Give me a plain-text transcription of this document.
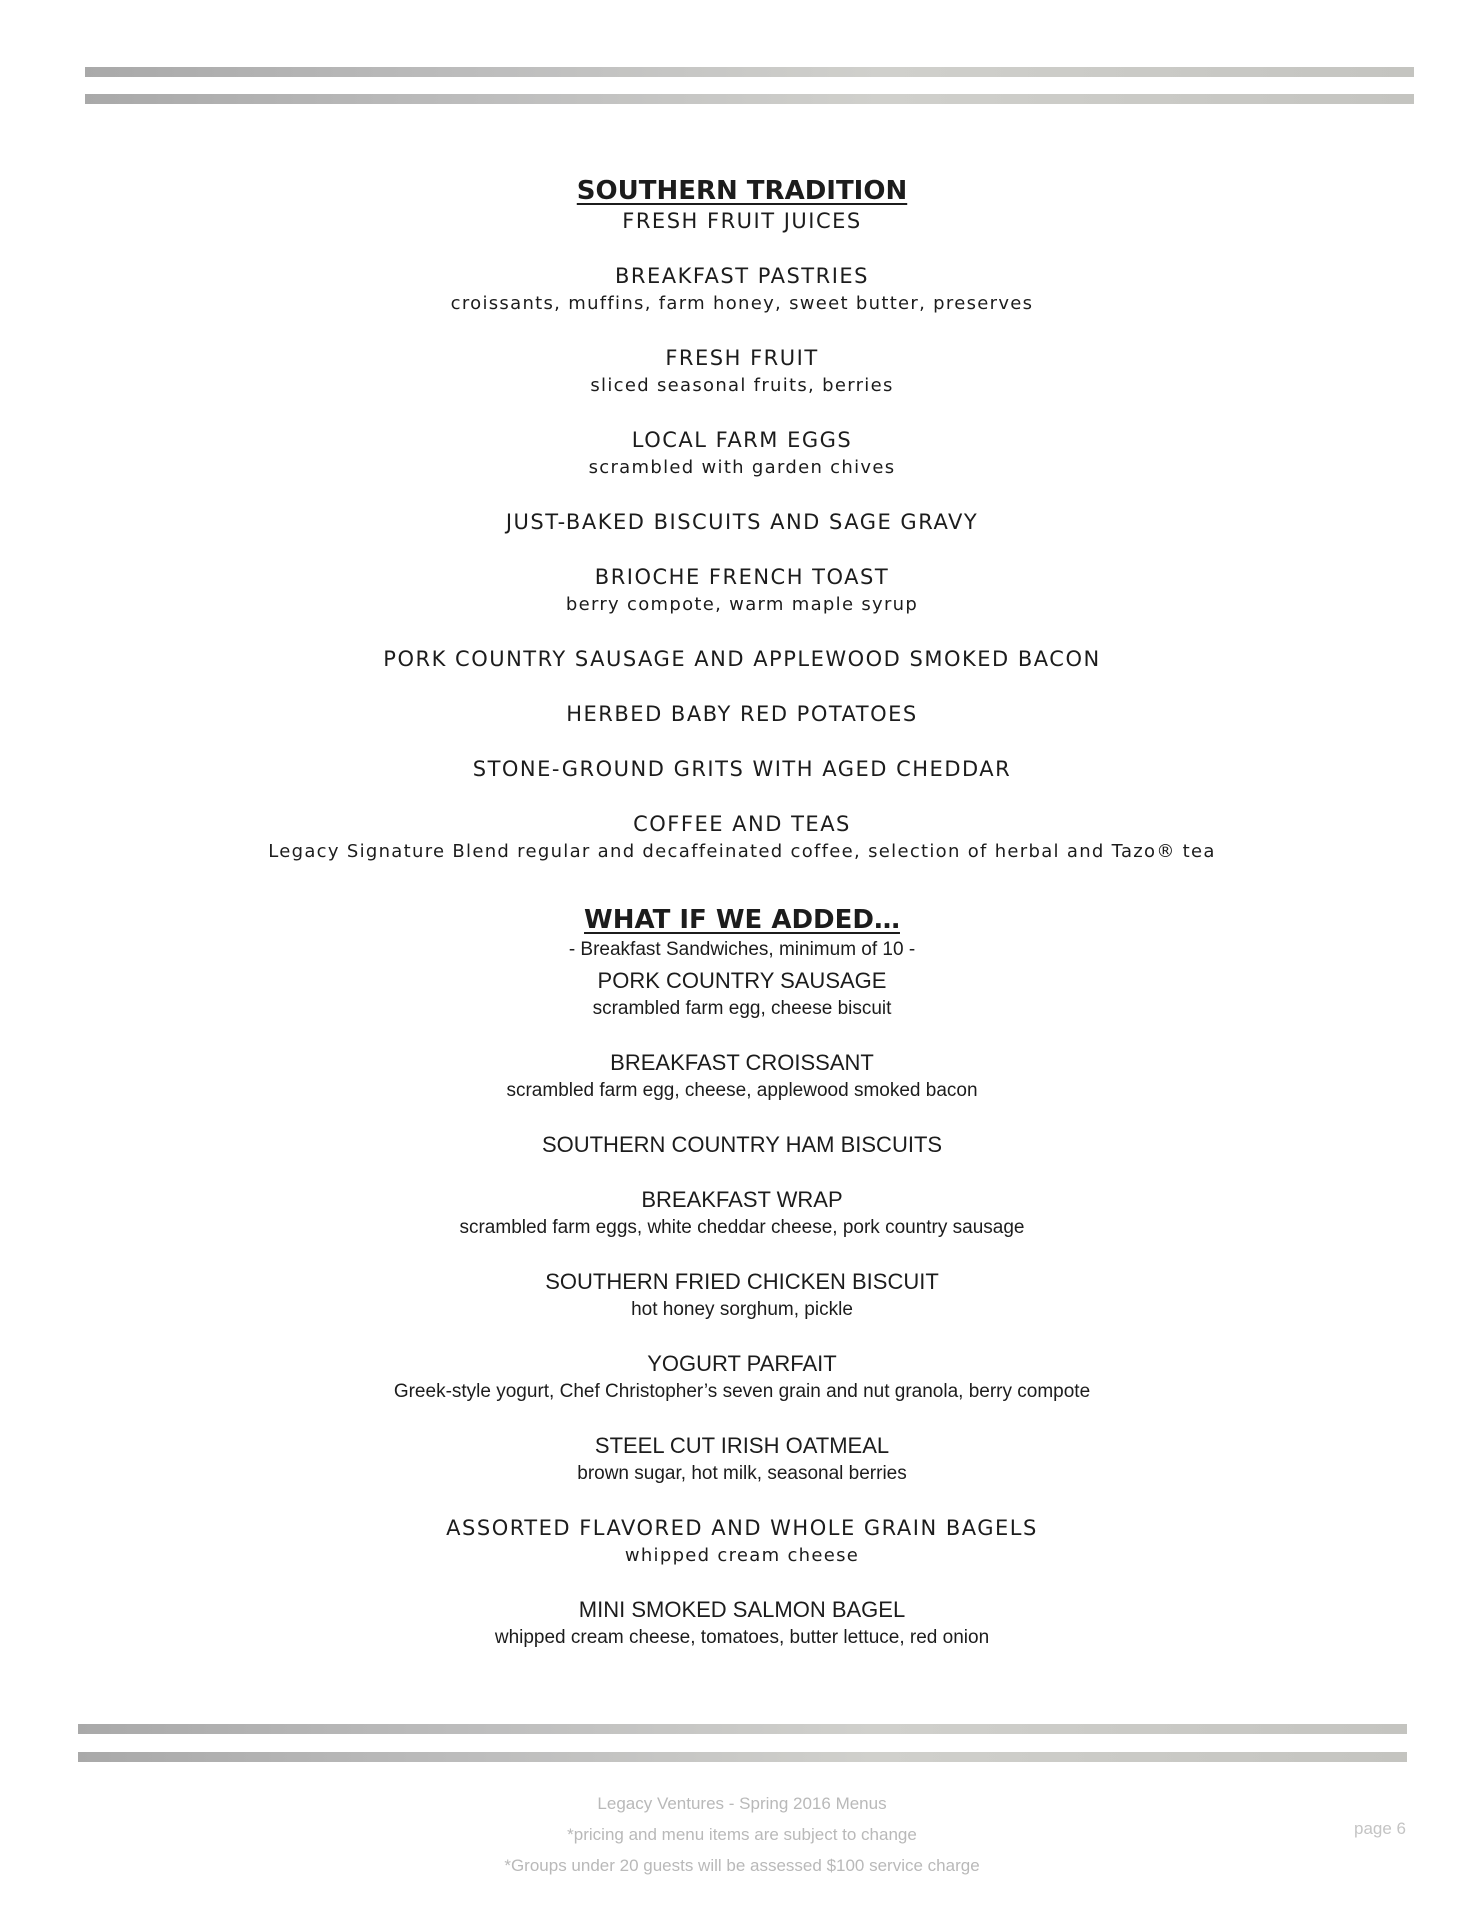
SOUTHERN TRADITION
FRESH FRUIT JUICES
BREAKFAST PASTRIES
croissants, muffins, farm honey, sweet butter, preserves
FRESH FRUIT
sliced seasonal fruits, berries
LOCAL FARM EGGS
scrambled with garden chives
JUST-BAKED BISCUITS AND SAGE GRAVY
BRIOCHE FRENCH TOAST
berry compote, warm maple syrup
PORK COUNTRY SAUSAGE AND APPLEWOOD SMOKED BACON
HERBED BABY RED POTATOES
STONE-GROUND GRITS WITH AGED CHEDDAR
COFFEE AND TEAS
Legacy Signature Blend regular and decaffeinated coffee, selection of herbal and Tazo® tea
WHAT IF WE ADDED…
- Breakfast Sandwiches, minimum of 10 -
PORK COUNTRY SAUSAGE
scrambled farm egg, cheese biscuit
BREAKFAST CROISSANT
scrambled farm egg, cheese, applewood smoked bacon
SOUTHERN COUNTRY HAM BISCUITS
BREAKFAST WRAP
scrambled farm eggs, white cheddar cheese, pork country sausage
SOUTHERN FRIED CHICKEN BISCUIT
hot honey sorghum, pickle
YOGURT PARFAIT
Greek-style yogurt, Chef Christopher’s seven grain and nut granola, berry compote
STEEL CUT IRISH OATMEAL
brown sugar, hot milk, seasonal berries
ASSORTED FLAVORED AND WHOLE GRAIN BAGELS
whipped cream cheese
MINI SMOKED SALMON BAGEL
whipped cream cheese, tomatoes, butter lettuce, red onion
Legacy Ventures - Spring 2016 Menus
*pricing and menu items are subject to change
*Groups under 20 guests will be assessed $100 service charge
page 6
